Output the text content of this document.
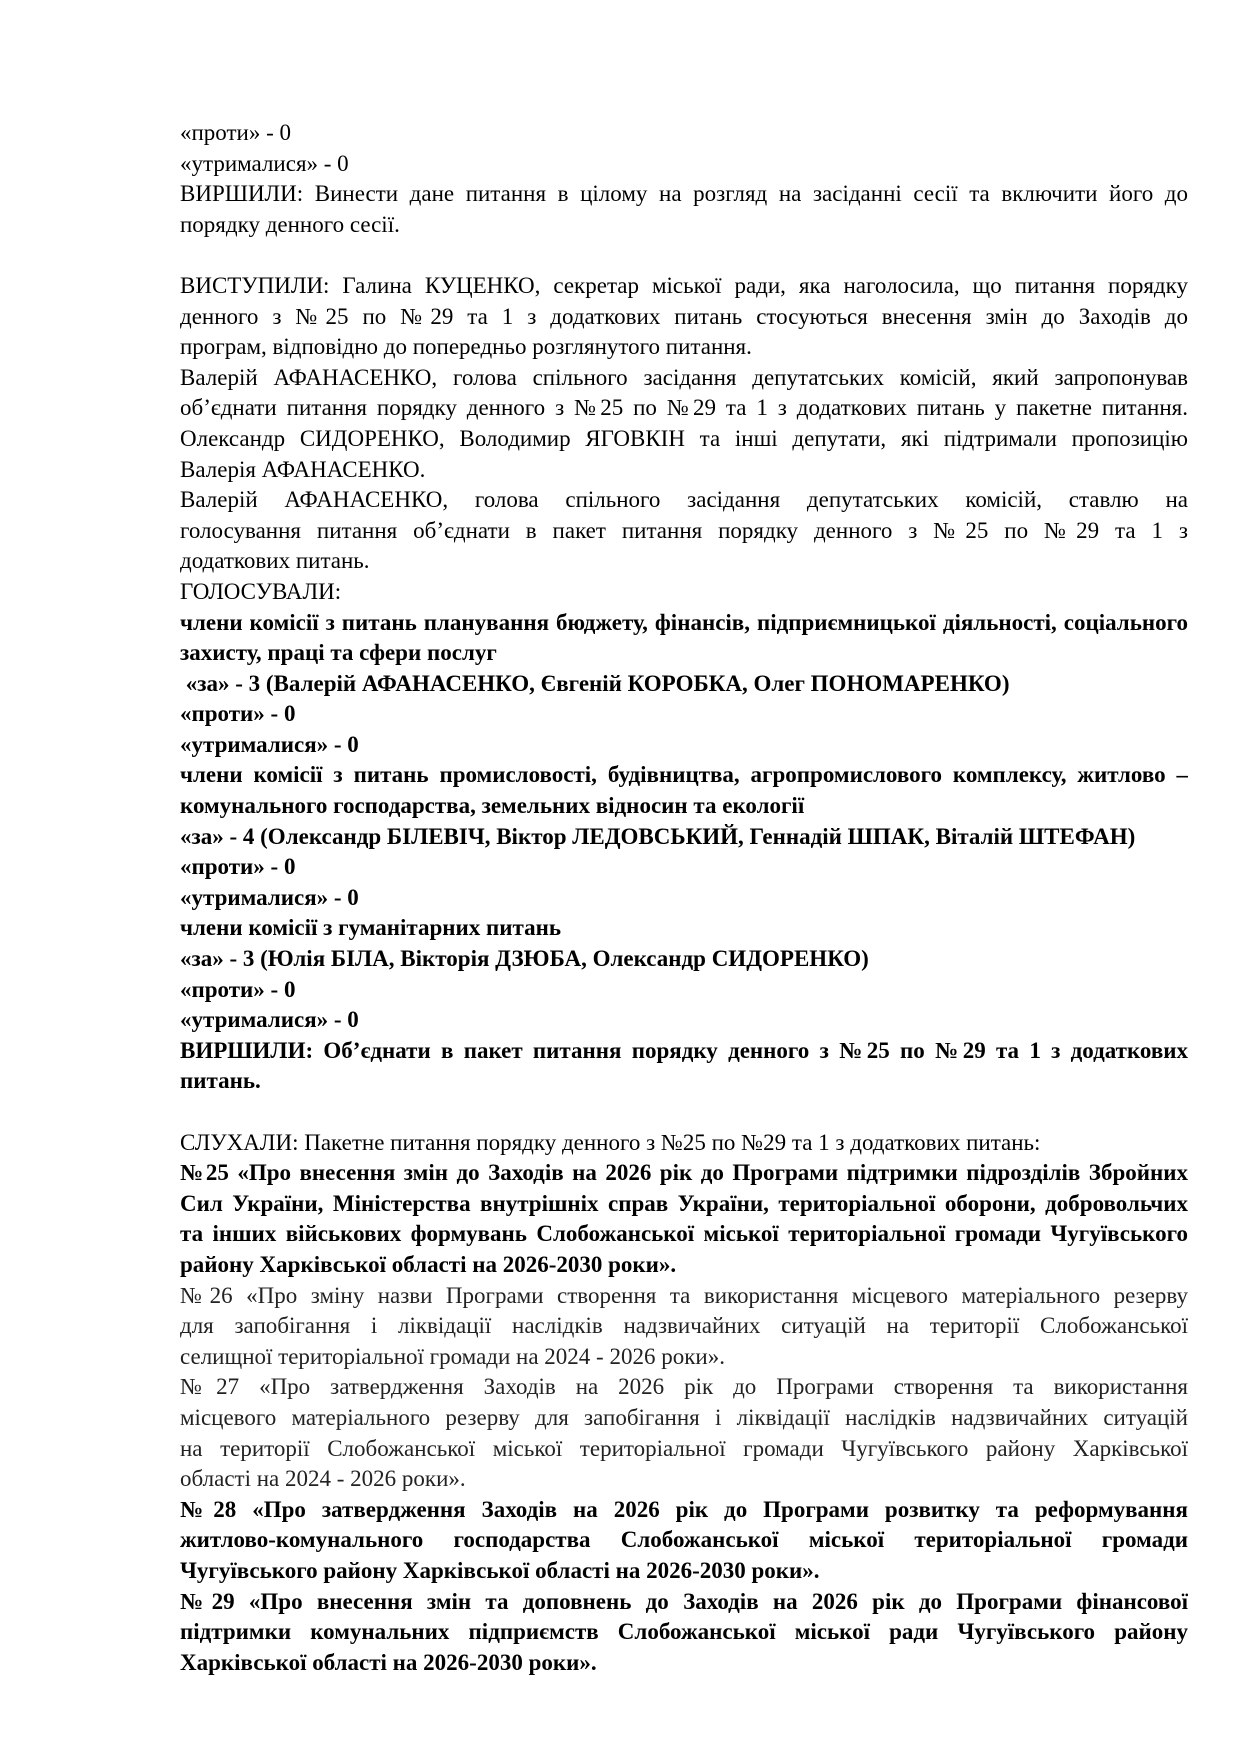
«проти» - 0
«утрималися» - 0
ВИРШИЛИ: Винести дане питання в цілому на розгляд на засіданні сесії та включити його до
порядку денного сесії.
ВИСТУПИЛИ: Галина КУЦЕНКО, секретар міської ради, яка наголосила, що питання порядку
денного з №25 по №29 та 1 з додаткових питань стосуються внесення змін до Заходів до
програм, відповідно до попередньо розглянутого питання.
Валерій АФАНАСЕНКО, голова спільного засідання депутатських комісій, який запропонував
об’єднати питання порядку денного з №25 по №29 та 1 з додаткових питань у пакетне питання.
Олександр СИДОРЕНКО, Володимир ЯГОВКІН та інші депутати, які підтримали пропозицію
Валерія АФАНАСЕНКО.
Валерій АФАНАСЕНКО, голова спільного засідання депутатських комісій, ставлю на
голосування питання об’єднати в пакет питання порядку денного з №25 по №29 та 1 з
додаткових питань.
ГОЛОСУВАЛИ:
члени комісії з питань планування бюджету, фінансів, підприємницької діяльності, соціального
захисту, праці та сфери послуг
«за» - 3 (Валерій АФАНАСЕНКО, Євгеній КОРОБКА, Олег ПОНОМАРЕНКО)
«проти» - 0
«утрималися» - 0
члени комісії з питань промисловості, будівництва, агропромислового комплексу, житлово –
комунального господарства, земельних відносин та екології
«за» - 4 (Олександр БІЛЕВІЧ, Віктор ЛЕДОВСЬКИЙ, Геннадій ШПАК, Віталій ШТЕФАН)
«проти» - 0
«утрималися» - 0
члени комісії з гуманітарних питань
«за» - 3 (Юлія БІЛА, Вікторія ДЗЮБА, Олександр СИДОРЕНКО)
«проти» - 0
«утрималися» - 0
ВИРШИЛИ: Об’єднати в пакет питання порядку денного з №25 по №29 та 1 з додаткових
питань.
СЛУХАЛИ: Пакетне питання порядку денного з №25 по №29 та 1 з додаткових питань:
№25 «Про внесення змін до Заходів на 2026 рік до Програми підтримки підрозділів Збройних
Сил України, Міністерства внутрішніх справ України, територіальної оборони, добровольчих
та інших військових формувань Слобожанської міської територіальної громади Чугуївського
району Харківської області на 2026-2030 роки».
№26 «Про зміну назви Програми створення та використання місцевого матеріального резерву
для запобігання і ліквідації наслідків надзвичайних ситуацій на території Слобожанської
селищної територіальної громади на 2024 - 2026 роки».
№27 «Про затвердження Заходів на 2026 рік до Програми створення та використання
місцевого матеріального резерву для запобігання і ліквідації наслідків надзвичайних ситуацій
на території Слобожанської міської територіальної громади Чугуївського району Харківської
області на 2024 - 2026 роки».
№28 «Про затвердження Заходів на 2026 рік до Програми розвитку та реформування
житлово-комунального господарства Слобожанської міської територіальної громади
Чугуївського району Харківської області на 2026-2030 роки».
№29 «Про внесення змін та доповнень до Заходів на 2026 рік до Програми фінансової
підтримки комунальних підприємств Слобожанської міської ради Чугуївського району
Харківської області на 2026-2030 роки».
